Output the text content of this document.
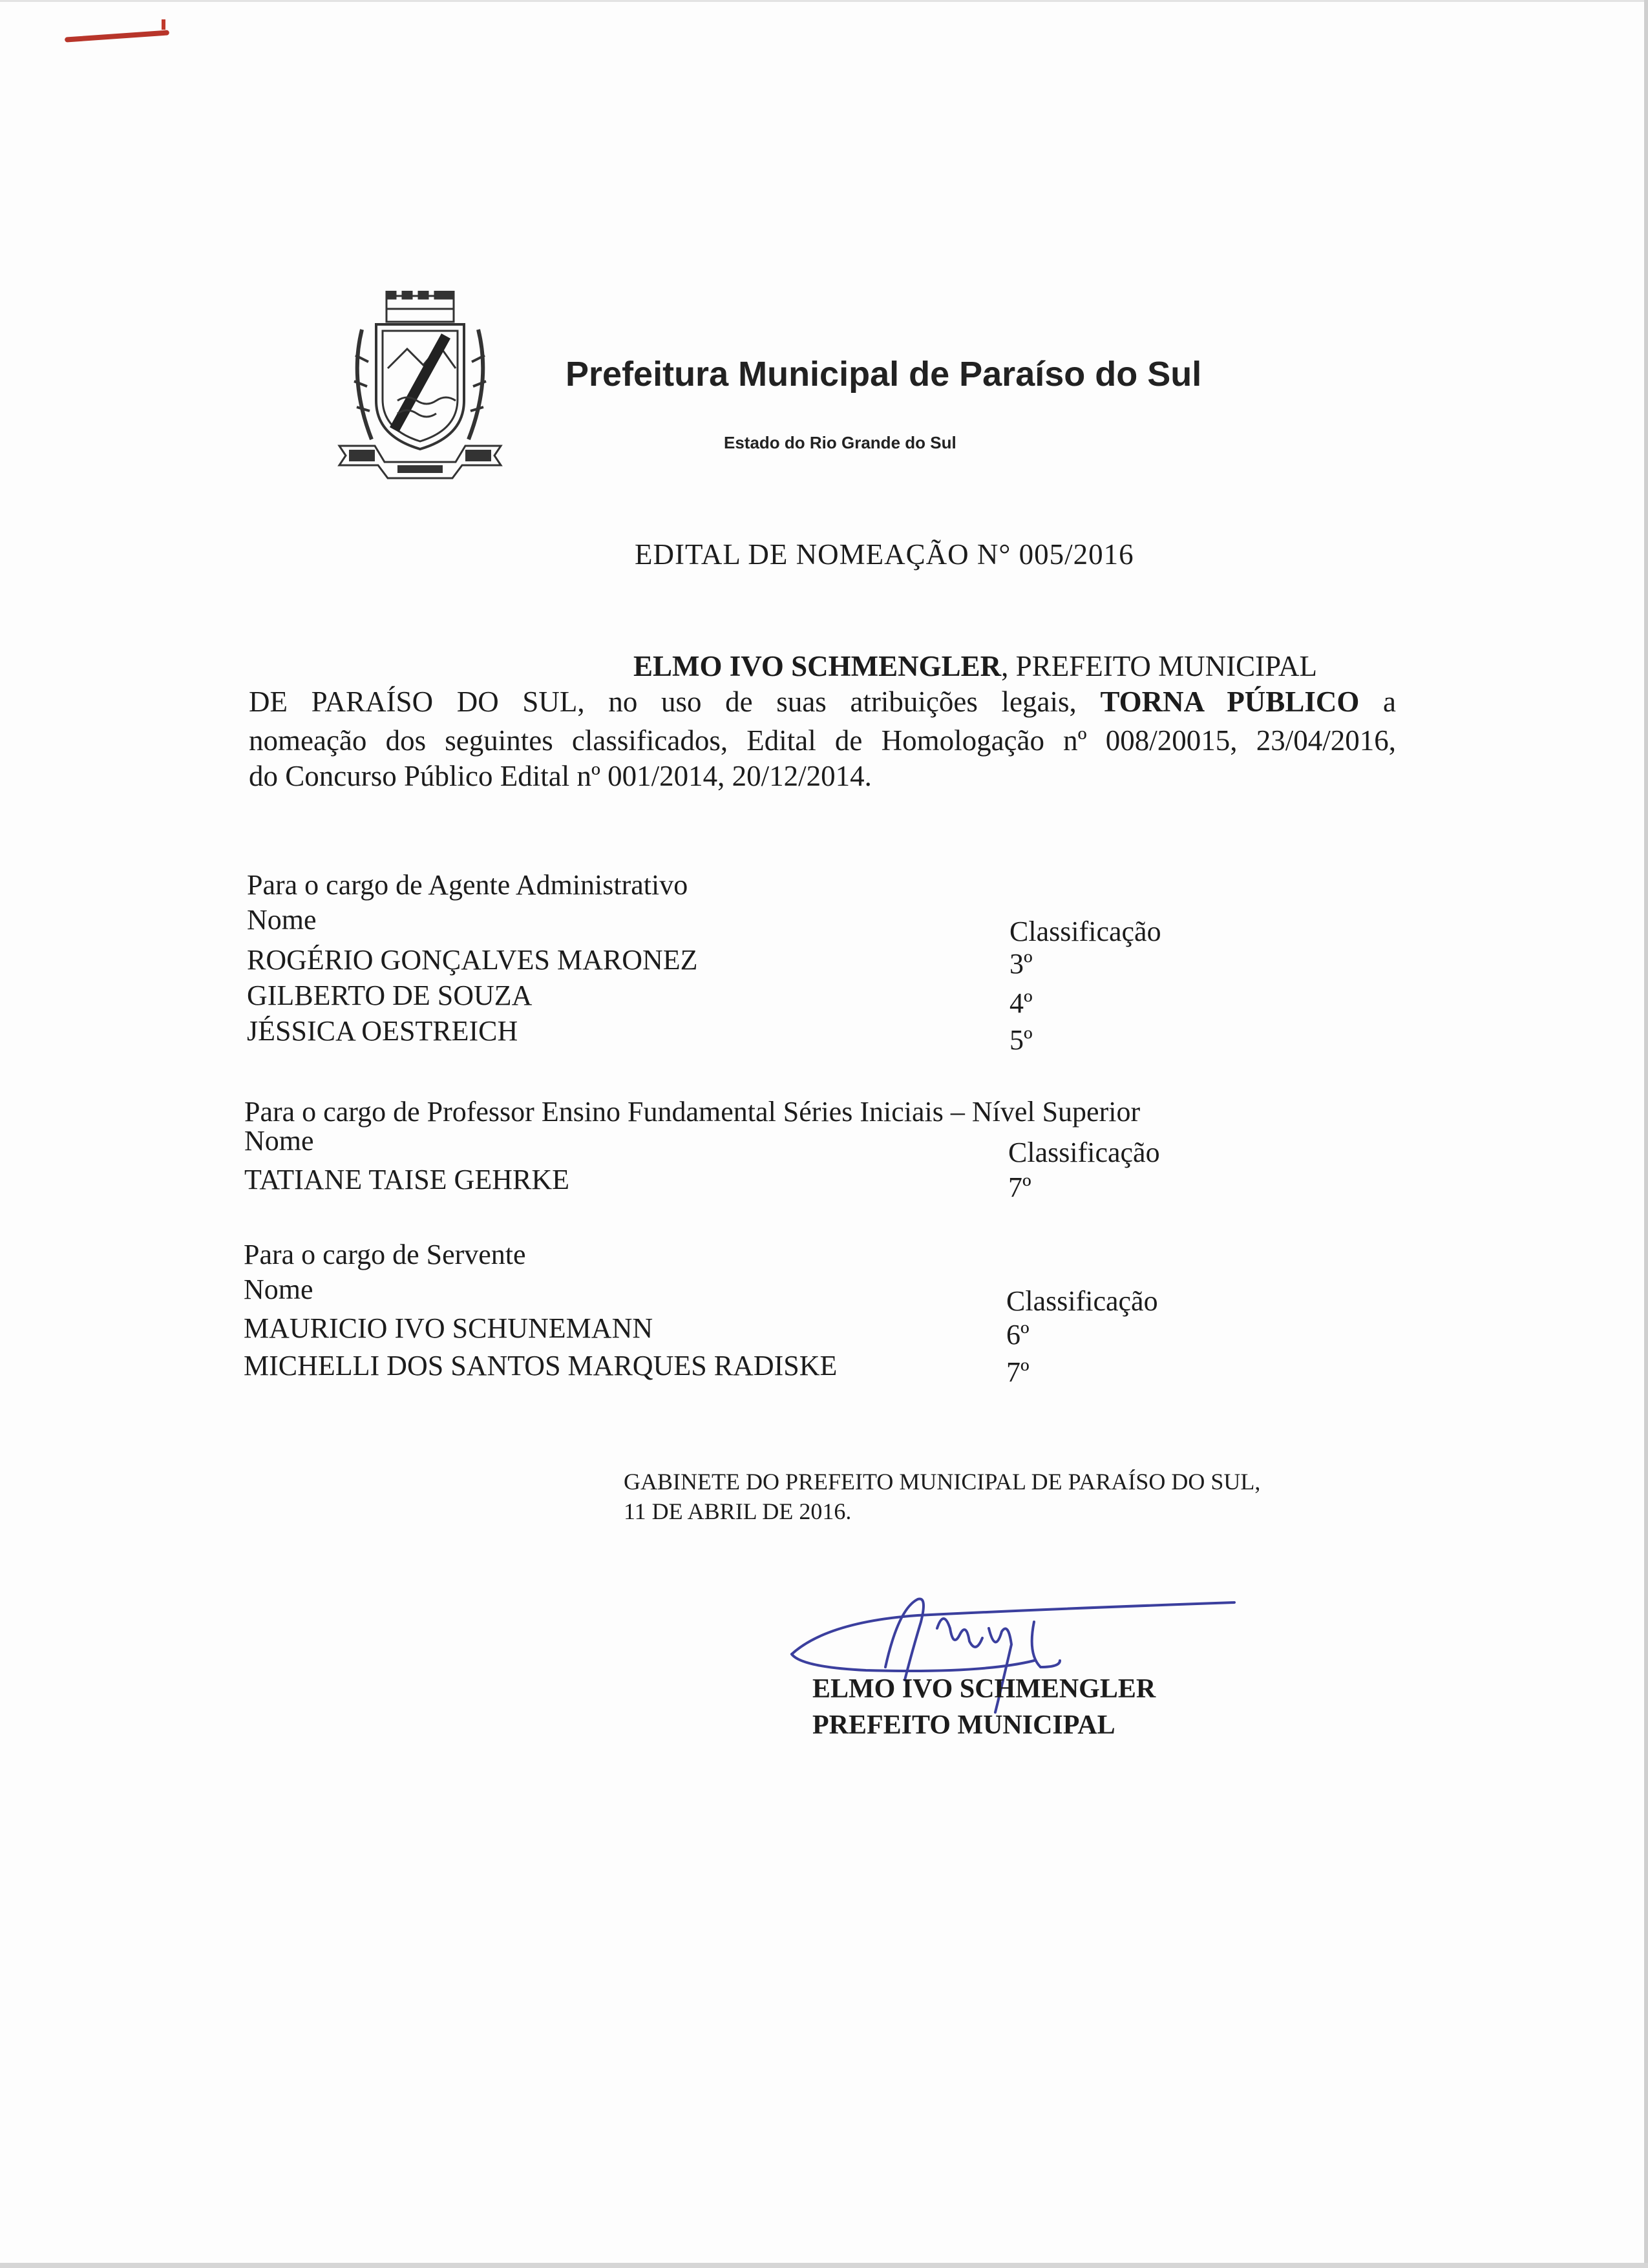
Prefeitura Municipal de Paraíso do Sul
Estado do Rio Grande do Sul
EDITAL DE NOMEAÇÃO N° 005/2016
ELMO IVO SCHMENGLER, PREFEITO MUNICIPAL
DE PARAÍSO DO SUL, no uso de suas atribuições legais, TORNA PÚBLICO a
nomeação dos seguintes classificados, Edital de Homologação nº 008/20015, 23/04/2016,
do Concurso Público Edital nº 001/2014, 20/12/2014.
Para o cargo de Agente Administrativo
Nome	Classificação
ROGÉRIO GONÇALVES MARONEZ	3º
GILBERTO DE SOUZA	4º
JÉSSICA OESTREICH	5º
Para o cargo de Professor Ensino Fundamental Séries Iniciais – Nível Superior
Nome	Classificação
TATIANE TAISE GEHRKE	7º
Para o cargo de Servente
Nome	Classificação
MAURICIO IVO SCHUNEMANN	6º
MICHELLI DOS SANTOS MARQUES RADISKE	7º
GABINETE DO PREFEITO MUNICIPAL DE PARAÍSO DO SUL,
11 DE ABRIL DE 2016.
ELMO IVO SCHMENGLER
PREFEITO MUNICIPAL
